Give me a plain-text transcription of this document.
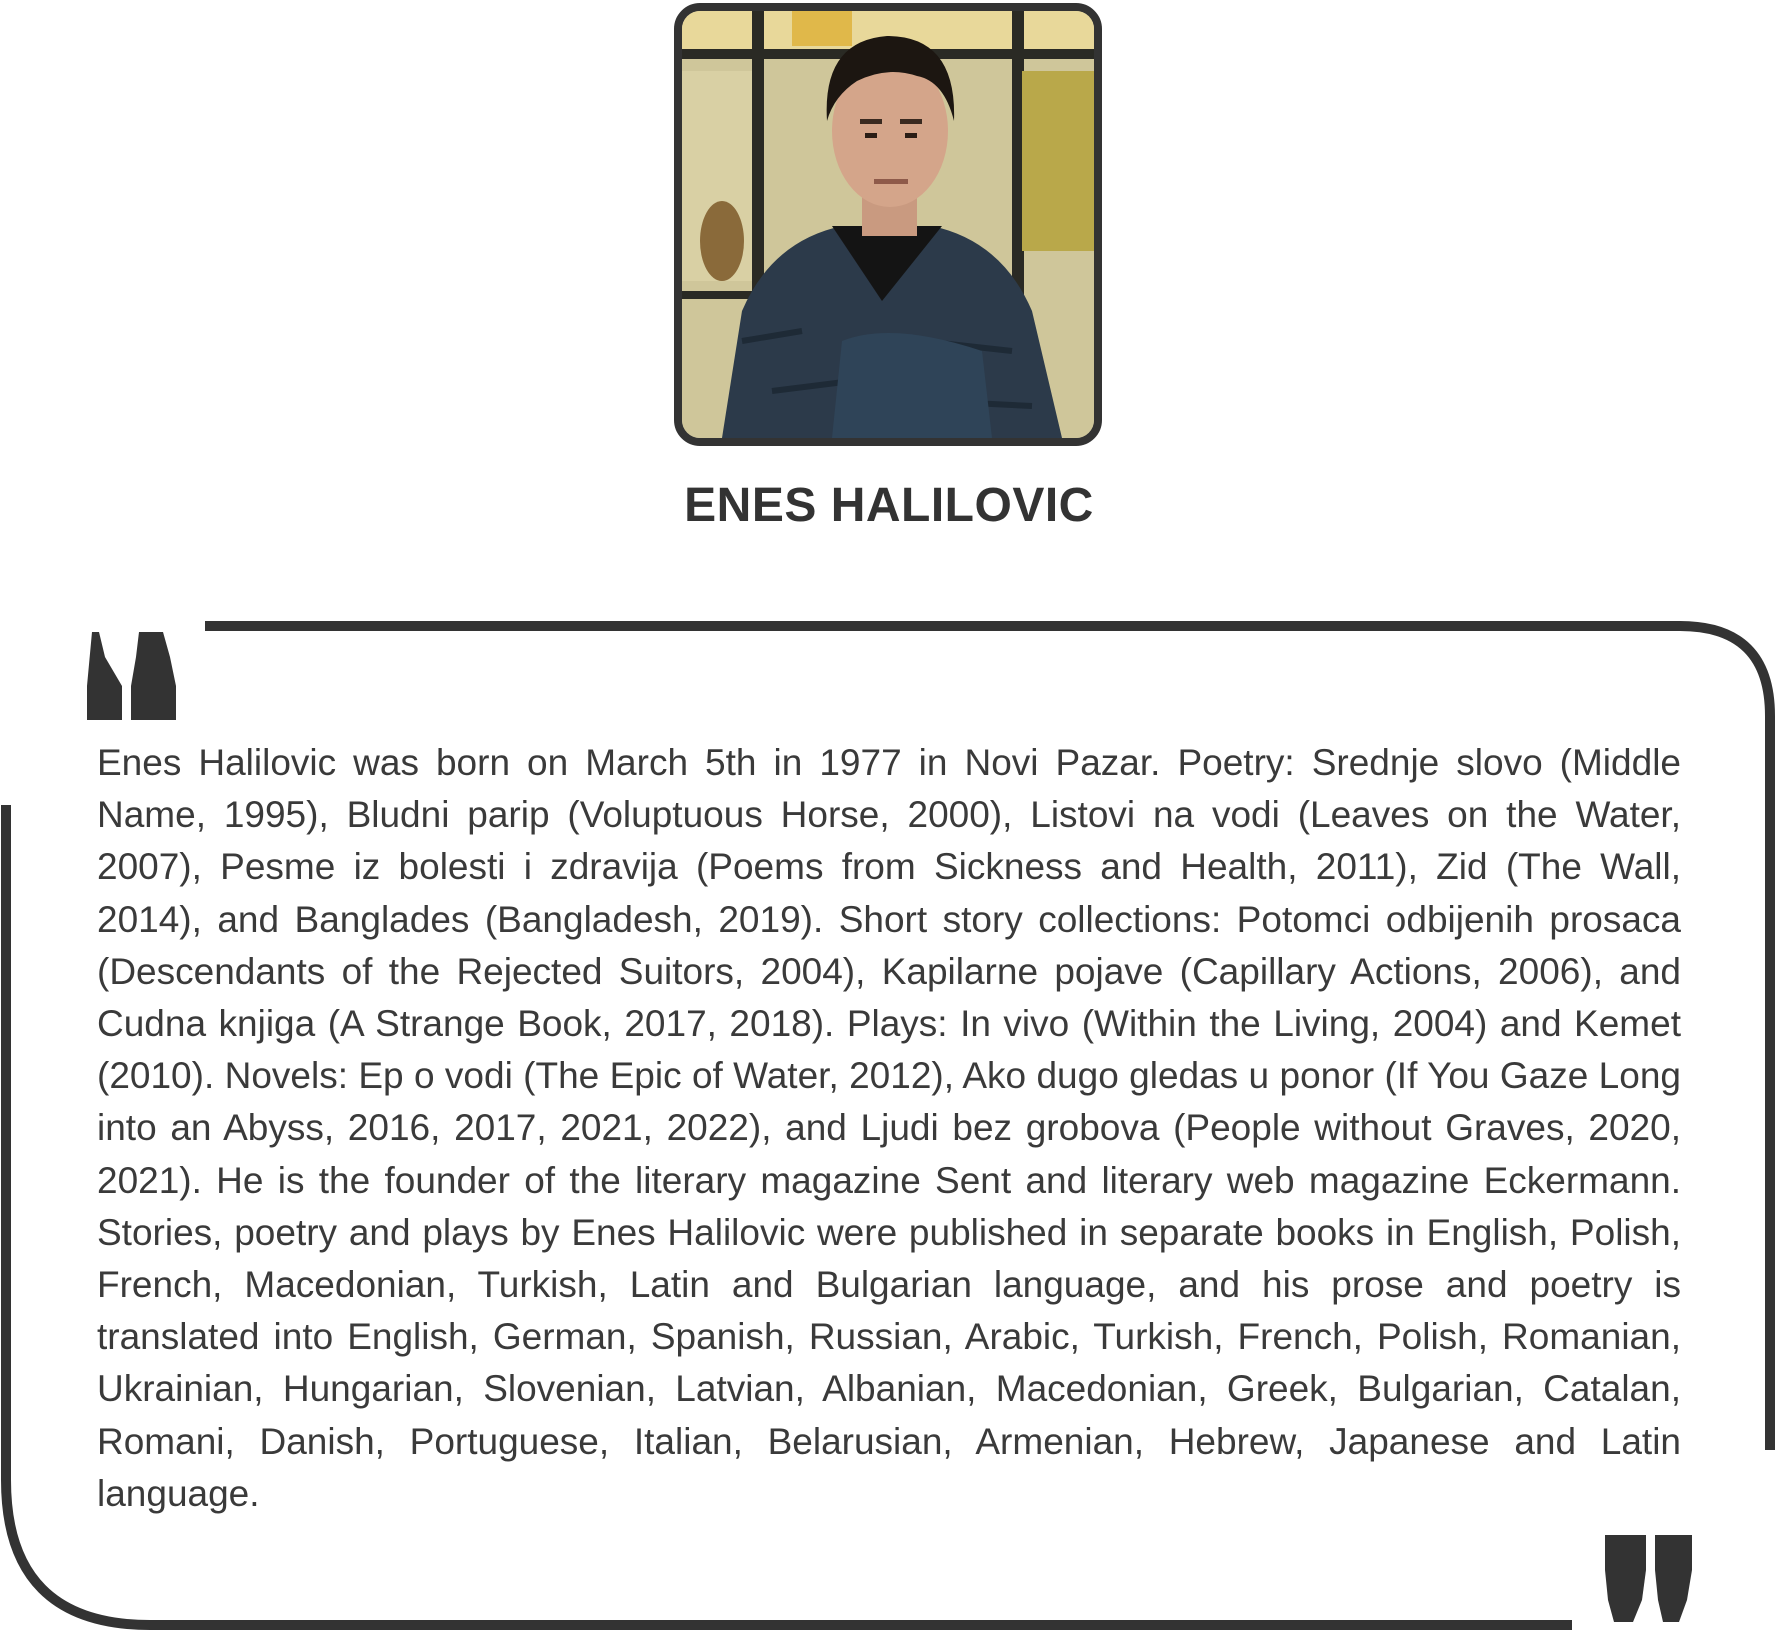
ENES HALILOVIC

Enes Halilovic was born on March 5th in 1977 in Novi Pazar. Poetry: Srednje slovo (Middle Name, 1995), Bludni parip (Voluptuous Horse, 2000), Listovi na vodi (Leaves on the Water, 2007), Pesme iz bolesti i zdravija (Poems from Sickness and Health, 2011), Zid (The Wall, 2014), and Banglades (Bangladesh, 2019). Short story collections: Potomci odbijenih prosaca (Descendants of the Rejected Suitors, 2004), Kapilarne pojave (Capillary Actions, 2006), and Cudna knjiga (A Strange Book, 2017, 2018). Plays: In vivo (Within the Living, 2004) and Kemet (2010). Novels: Ep o vodi (The Epic of Water, 2012), Ako dugo gledas u ponor (If You Gaze Long into an Abyss, 2016, 2017, 2021, 2022), and Ljudi bez grobova (People without Graves, 2020, 2021). He is the founder of the literary magazine Sent and literary web magazine Eckermann. Stories, poetry and plays by Enes Halilovic were published in separate books in English, Polish, French, Macedonian, Turkish, Latin and Bulgarian language, and his prose and poetry is translated into English, German, Spanish, Russian, Arabic, Turkish, French, Polish, Romanian, Ukrainian, Hungarian, Slovenian, Latvian, Albanian, Macedonian, Greek, Bulgarian, Catalan, Romani, Danish, Portuguese, Italian, Belarusian, Armenian, Hebrew, Japanese and Latin language.
